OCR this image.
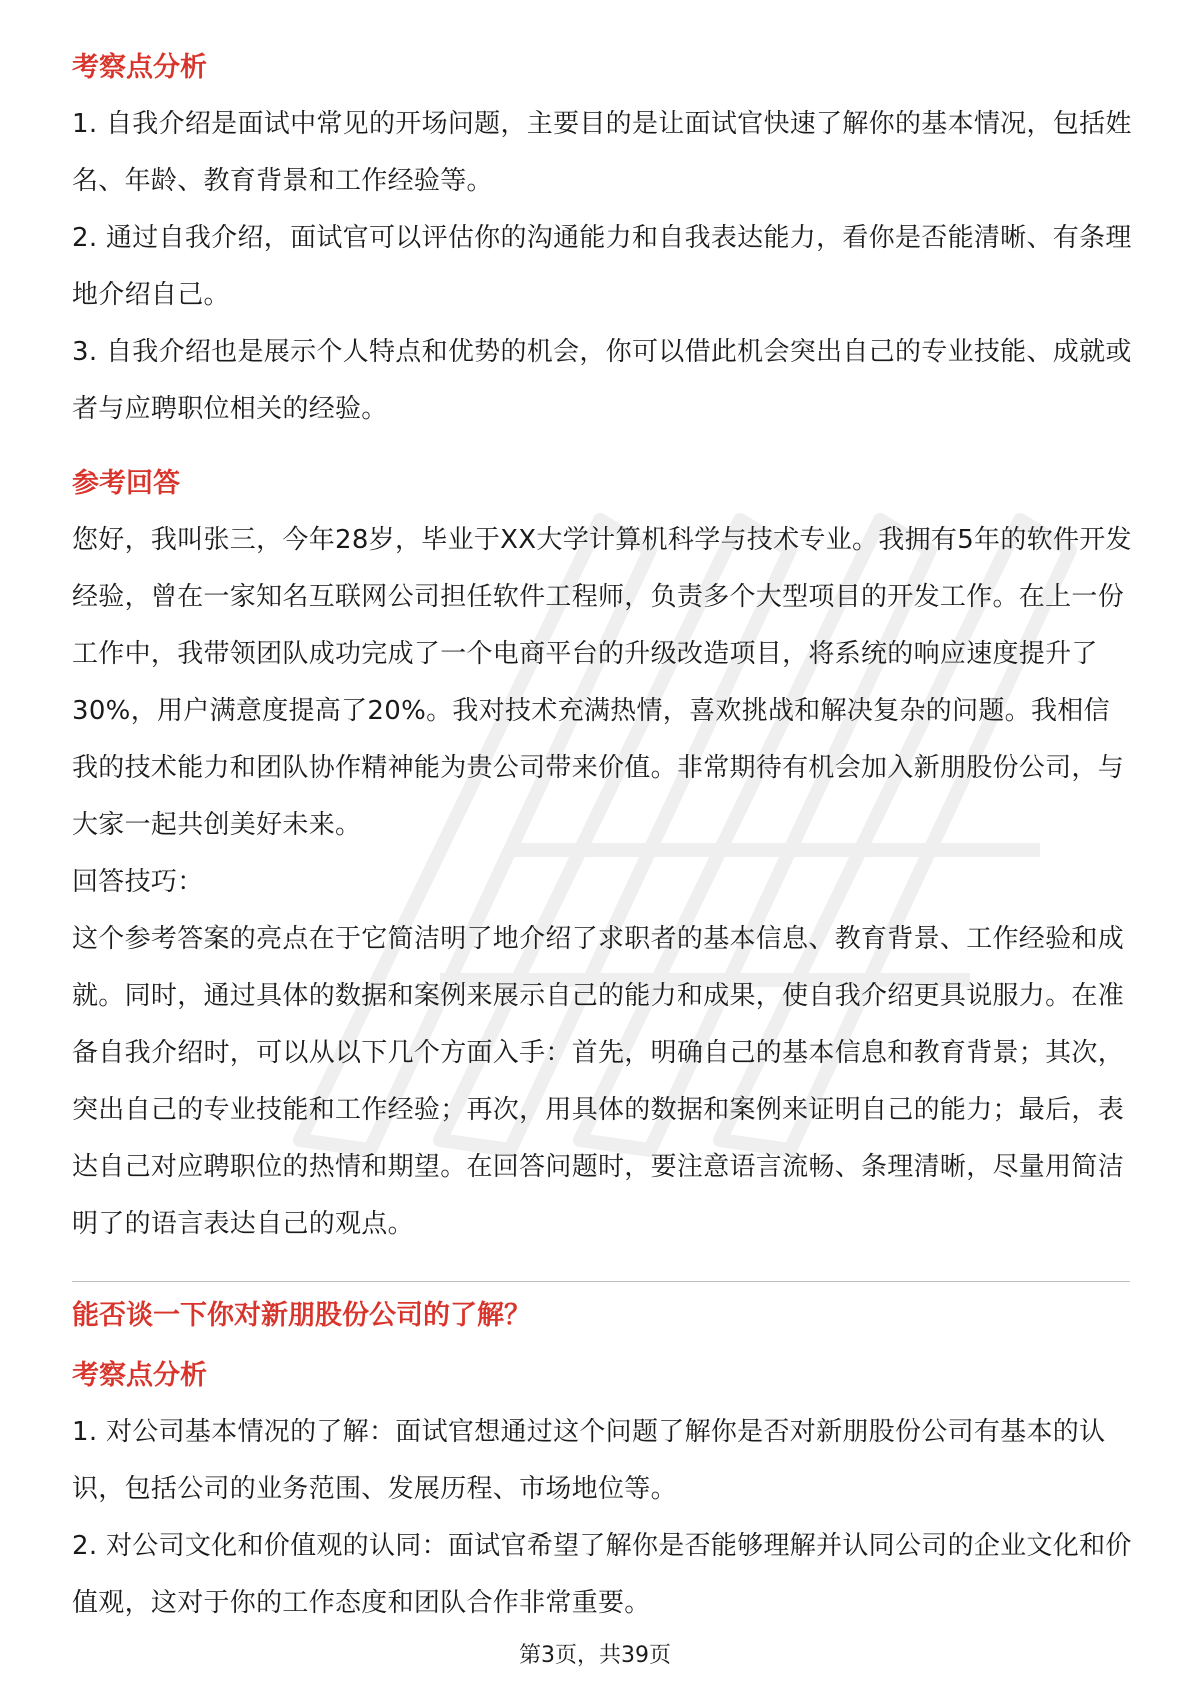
考察点分析

1. 自我介绍是面试中常见的开场问题，主要目的是让面试官快速了解你的基本情况，包括姓名、年龄、教育背景和工作经验等。

2. 通过自我介绍，面试官可以评估你的沟通能力和自我表达能力，看你是否能清晰、有条理地介绍自己。

3. 自我介绍也是展示个人特点和优势的机会，你可以借此机会突出自己的专业技能、成就或者与应聘职位相关的经验。

参考回答

您好，我叫张三，今年28岁，毕业于XX大学计算机科学与技术专业。我拥有5年的软件开发经验，曾在一家知名互联网公司担任软件工程师，负责多个大型项目的开发工作。在上一份工作中，我带领团队成功完成了一个电商平台的升级改造项目，将系统的响应速度提升了30%，用户满意度提高了20%。我对技术充满热情，喜欢挑战和解决复杂的问题。我相信我的技术能力和团队协作精神能为贵公司带来价值。非常期待有机会加入新朋股份公司，与大家一起共创美好未来。

回答技巧：

这个参考答案的亮点在于它简洁明了地介绍了求职者的基本信息、教育背景、工作经验和成就。同时，通过具体的数据和案例来展示自己的能力和成果，使自我介绍更具说服力。在准备自我介绍时，可以从以下几个方面入手：首先，明确自己的基本信息和教育背景；其次，突出自己的专业技能和工作经验；再次，用具体的数据和案例来证明自己的能力；最后，表达自己对应聘职位的热情和期望。在回答问题时，要注意语言流畅、条理清晰，尽量用简洁明了的语言表达自己的观点。

能否谈一下你对新朋股份公司的了解？
考察点分析

1. 对公司基本情况的了解：面试官想通过这个问题了解你是否对新朋股份公司有基本的认识，包括公司的业务范围、发展历程、市场地位等。

2. 对公司文化和价值观的认同：面试官希望了解你是否能够理解并认同公司的企业文化和价值观，这对于你的工作态度和团队合作非常重要。

第3页，共39页
